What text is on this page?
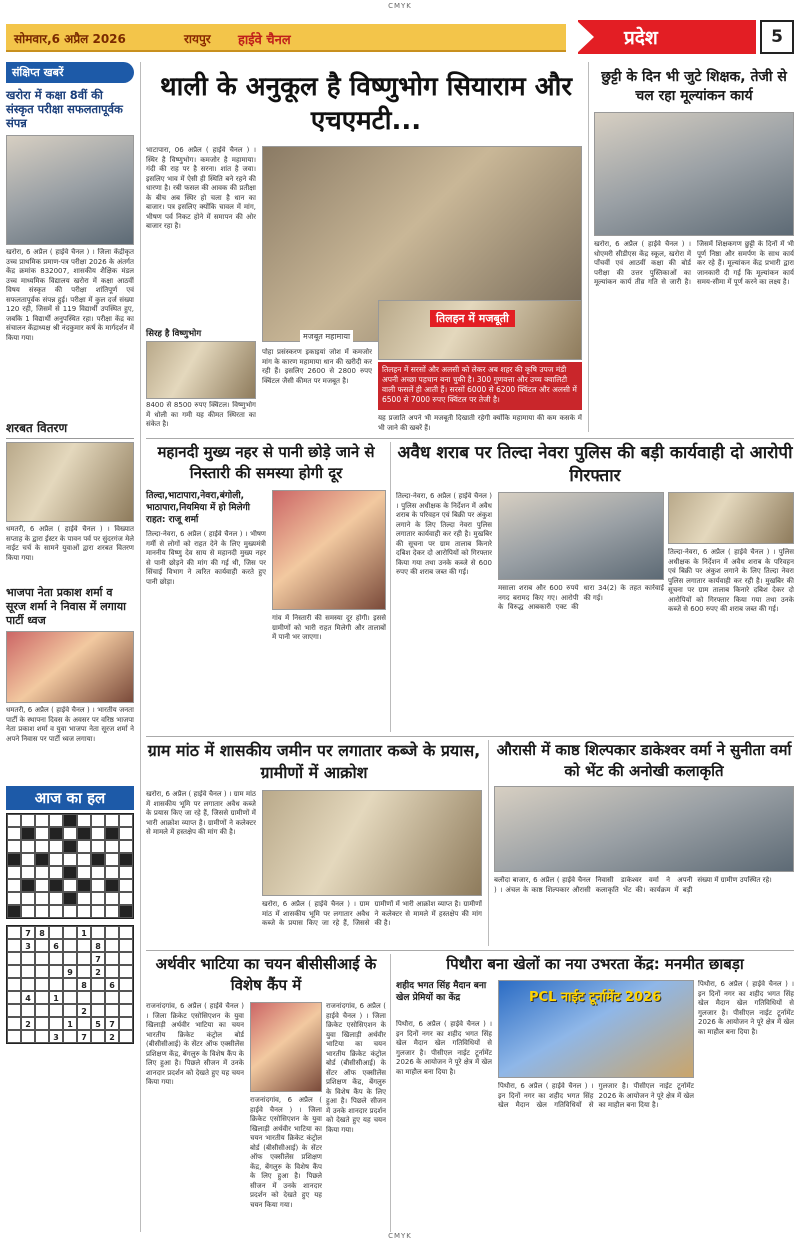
CMYK
सोमवार,6 अप्रैल 2026	रायपुर हाईवे चैनल	प्रदेश	5
संक्षिप्त खबरें
खरोरा में कक्षा 8वीं की संस्कृत परीक्षा सफलतापूर्वक संपन्न
खरोरा, 6 अप्रैल ( हाईवे चैनल ) । जिला केंद्रीकृत उच्च प्राथमिक प्रमाण-पत्र परीक्षा 2026 के अंतर्गत केंद्र क्रमांक 832007, शासकीय शैक्षिक मंडल उच्च माध्यमिक विद्यालय खरोरा में कक्षा आठवीं विषय संस्कृत की परीक्षा शांतिपूर्ण एवं सफलतापूर्वक संपन्न हुई। परीक्षा में कुल दर्ज संख्या 120 रही, जिसमें से 119 विद्यार्थी उपस्थित हुए, जबकि 1 विद्यार्थी अनुपस्थित रहा। परीक्षा केंद्र का संचालन केंद्राध्यक्ष श्री नंदकुमार कर्ष के मार्गदर्शन में किया गया।
शरबत वितरण
धमतरी, 6 अप्रैल ( हाईवे चैनल ) । विख्यात सप्ताह के द्वारा ईस्टर के पावन पर्व पर सुंदरगंज मेले नाईट चर्च के सामने युवाओं द्वारा शरबत वितरण किया गया।
भाजपा नेता प्रकाश शर्मा व सूरज शर्मा ने निवास में लगाया पार्टी ध्वज
धमतरी, 6 अप्रैल ( हाईवे चैनल ) । भारतीय जनता पार्टी के स्थापना दिवस के अवसर पर वरिष्ठ भाजपा नेता प्रकाश शर्मा व युवा भाजपा नेता सूरज शर्मा ने अपने निवास पर पार्टी ध्वज लगाया।
आज का हल
7	8	1
3	6	8
7
9	2
8	6
4	1
2
2	1	5	7
3	7	2
थाली के अनुकूल है विष्णुभोग सियाराम और एचएमटी...
भाटापारा, 06 अप्रैल ( हाईवे चैनल ) । स्थिर है विष्णुभोग। कमजोर है महामाया। गंदी की राह पर है सरना। शांत है जवा। इसलिए भाव में ऐसी ही स्थिति बने रहने की धारणा है। रबी फसल की आवक की प्रतीक्षा के बीच अब स्थिर हो चला है धान का बाजार। पत्र इसलिए क्योंकि चावल में मांग, भीषण पर्व निकट होने में समापन की ओर बाजार रहा है।
सिरह है विष्णुभोग
8400 से 8500 रुपए क्विंटल। विष्णुभोग में धोली का गमी यह कीमत स्थिरता का संकेत है।
मजबूत महामाया
पोहा प्रसंस्करण इकाइयां जोश में कमजोर मांग के कारण महामाया धान की खरीदी कर रही हैं। इसलिए 2600 से 2800 रुपए क्विंटल जैसी कीमत पर मजबूत है।
तिलहन में मजबूती
तिलहन में सरसों और अलसी को लेकर अब शहर की कृषि उपज मंडी अपनी अच्छा पहचान बना चुकी है। 300 गुणवत्ता और उच्च क्वालिटी वाली फसलें ही आती हैं। सरसों 6000 से 6200 क्विंटल और अलसी में 6500 से 7000 रुपए क्विंटल पर तेजी है।
यह प्रजाति अपने भी मजबूती दिखाती रहेगी क्योंकि महामाया की कम कसके में भी जाने की खबरें हैं।
छुट्टी के दिन भी जुटे शिक्षक, तेजी से चल रहा मूल्यांकन कार्य
खरोरा, 6 अप्रैल ( हाईवे चैनल ) । धोएमरी सीडीएस केंद्र स्कूल, खरोरा में पाँचवीं एवं आठवीं कक्षा की बोर्ड परीक्षा की उत्तर पुस्तिकाओं का मूल्यांकन कार्य तीव्र गति से जारी है। जिसमें शिक्षकगण छुट्टी के दिनों में भी पूर्ण निष्ठा और समर्पण के साथ कार्य कर रहे हैं। मूल्यांकन केंद्र प्रभारी द्वारा जानकारी दी गई कि मूल्यांकन कार्य समय-सीमा में पूर्ण करने का लक्ष्य है।
महानदी मुख्य नहर से पानी छोड़े जाने से निस्तारी की समस्या होगी दूर
तिल्दा,भाटापारा,नेवरा,बंगोली, भाठापारा,नियमिया में हो मिलेगी राहत: राजू शर्मा
तिल्दा-नेवरा, 6 अप्रैल ( हाईवे चैनल ) । भीषण गर्मी से लोगों को राहत देने के लिए मुख्यमंत्री माननीय विष्णु देव साय से महानदी मुख्य नहर से पानी छोड़ने की मांग की गई थी, जिस पर सिंचाई विभाग ने त्वरित कार्यवाही करते हुए पानी छोड़ा।
गांव में निस्तारी की समस्या दूर होगी। इससे ग्रामीणों को भारी राहत मिलेगी और तालाबों में पानी भर जाएगा।
अवैध शराब पर तिल्दा नेवरा पुलिस की बड़ी कार्यवाही दो आरोपी गिरफ्तार
तिल्दा-नेवरा, 6 अप्रैल ( हाईवे चैनल ) । पुलिस अधीक्षक के निर्देशन में अवैध शराब के परिवहन एवं बिक्री पर अंकुश लगाने के लिए तिल्दा नेवरा पुलिस लगातार कार्यवाही कर रही है। मुखबिर की सूचना पर ग्राम तालाब किनारे दबिश देकर दो आरोपियों को गिरफ्तार किया गया तथा उनके कब्जे से 600 रुपए की शराब जब्त की गई।
मसाला शराब और 600 रुपये नगद बरामद किए गए। आरोपी के विरुद्ध आबकारी एक्ट की धारा 34(2) के तहत कार्रवाई की गई।
तिल्दा-नेवरा, 6 अप्रैल ( हाईवे चैनल ) । पुलिस अधीक्षक के निर्देशन में अवैध शराब के परिवहन एवं बिक्री पर अंकुश लगाने के लिए तिल्दा नेवरा पुलिस लगातार कार्यवाही कर रही है। मुखबिर की सूचना पर ग्राम तालाब किनारे दबिश देकर दो आरोपियों को गिरफ्तार किया गया तथा उनके कब्जे से 600 रुपए की शराब जब्त की गई।
ग्राम मांठ में शासकीय जमीन पर लगातार कब्जे के प्रयास, ग्रामीणों में आक्रोश
खरोरा, 6 अप्रैल ( हाईवे चैनल ) । ग्राम मांठ में शासकीय भूमि पर लगातार अवैध कब्जे के प्रयास किए जा रहे हैं, जिससे ग्रामीणों में भारी आक्रोश व्याप्त है। ग्रामीणों ने कलेक्टर से मामले में हस्तक्षेप की मांग की है।
खरोरा, 6 अप्रैल ( हाईवे चैनल ) । ग्राम मांठ में शासकीय भूमि पर लगातार अवैध कब्जे के प्रयास किए जा रहे हैं, जिससे ग्रामीणों में भारी आक्रोश व्याप्त है। ग्रामीणों ने कलेक्टर से मामले में हस्तक्षेप की मांग की है।
औरासी में काष्ठ शिल्पकार डाकेश्वर वर्मा ने सुनीता वर्मा को भेंट की अनोखी कलाकृति
बलौदा बाजार, 6 अप्रैल ( हाईवे चैनल ) । अंचल के काष्ठ शिल्पकार औरासी निवासी डाकेश्वर वर्मा ने अपनी कलाकृति भेंट की। कार्यक्रम में बड़ी संख्या में ग्रामीण उपस्थित रहे।
अर्थवीर भाटिया का चयन बीसीसीआई के विशेष कैंप में
राजनांदगांव, 6 अप्रैल ( हाईवे चैनल ) । जिला क्रिकेट एसोसिएशन के युवा खिलाड़ी अर्थवीर भाटिया का चयन भारतीय क्रिकेट कंट्रोल बोर्ड (बीसीसीआई) के सेंटर ऑफ एक्सीलेंस प्रशिक्षण केंद्र, बेंगलुरु के विशेष कैंप के लिए हुआ है। पिछले सीजन में उनके शानदार प्रदर्शन को देखते हुए यह चयन किया गया।
राजनांदगांव, 6 अप्रैल ( हाईवे चैनल ) । जिला क्रिकेट एसोसिएशन के युवा खिलाड़ी अर्थवीर भाटिया का चयन भारतीय क्रिकेट कंट्रोल बोर्ड (बीसीसीआई) के सेंटर ऑफ एक्सीलेंस प्रशिक्षण केंद्र, बेंगलुरु के विशेष कैंप के लिए हुआ है। पिछले सीजन में उनके शानदार प्रदर्शन को देखते हुए यह चयन किया गया।
राजनांदगांव, 6 अप्रैल ( हाईवे चैनल ) । जिला क्रिकेट एसोसिएशन के युवा खिलाड़ी अर्थवीर भाटिया का चयन भारतीय क्रिकेट कंट्रोल बोर्ड (बीसीसीआई) के सेंटर ऑफ एक्सीलेंस प्रशिक्षण केंद्र, बेंगलुरु के विशेष कैंप के लिए हुआ है। पिछले सीजन में उनके शानदार प्रदर्शन को देखते हुए यह चयन किया गया।
पिथौरा बना खेलों का नया उभरता केंद्र: मनमीत छाबड़ा
शहीद भगत सिंह मैदान बना खेल प्रेमियों का केंद्र
पिथौरा, 6 अप्रैल ( हाईवे चैनल ) । इन दिनों नगर का शहीद भगत सिंह खेल मैदान खेल गतिविधियों से गुलजार है। पीसीएल नाईट टूर्नामेंट 2026 के आयोजन ने पूरे क्षेत्र में खेल का माहौल बना दिया है।
PCL नाईट टूर्नामेंट 2026
पिथौरा, 6 अप्रैल ( हाईवे चैनल ) । इन दिनों नगर का शहीद भगत सिंह खेल मैदान खेल गतिविधियों से गुलजार है। पीसीएल नाईट टूर्नामेंट 2026 के आयोजन ने पूरे क्षेत्र में खेल का माहौल बना दिया है।
पिथौरा, 6 अप्रैल ( हाईवे चैनल ) । इन दिनों नगर का शहीद भगत सिंह खेल मैदान खेल गतिविधियों से गुलजार है। पीसीएल नाईट टूर्नामेंट 2026 के आयोजन ने पूरे क्षेत्र में खेल का माहौल बना दिया है।
CMYK
